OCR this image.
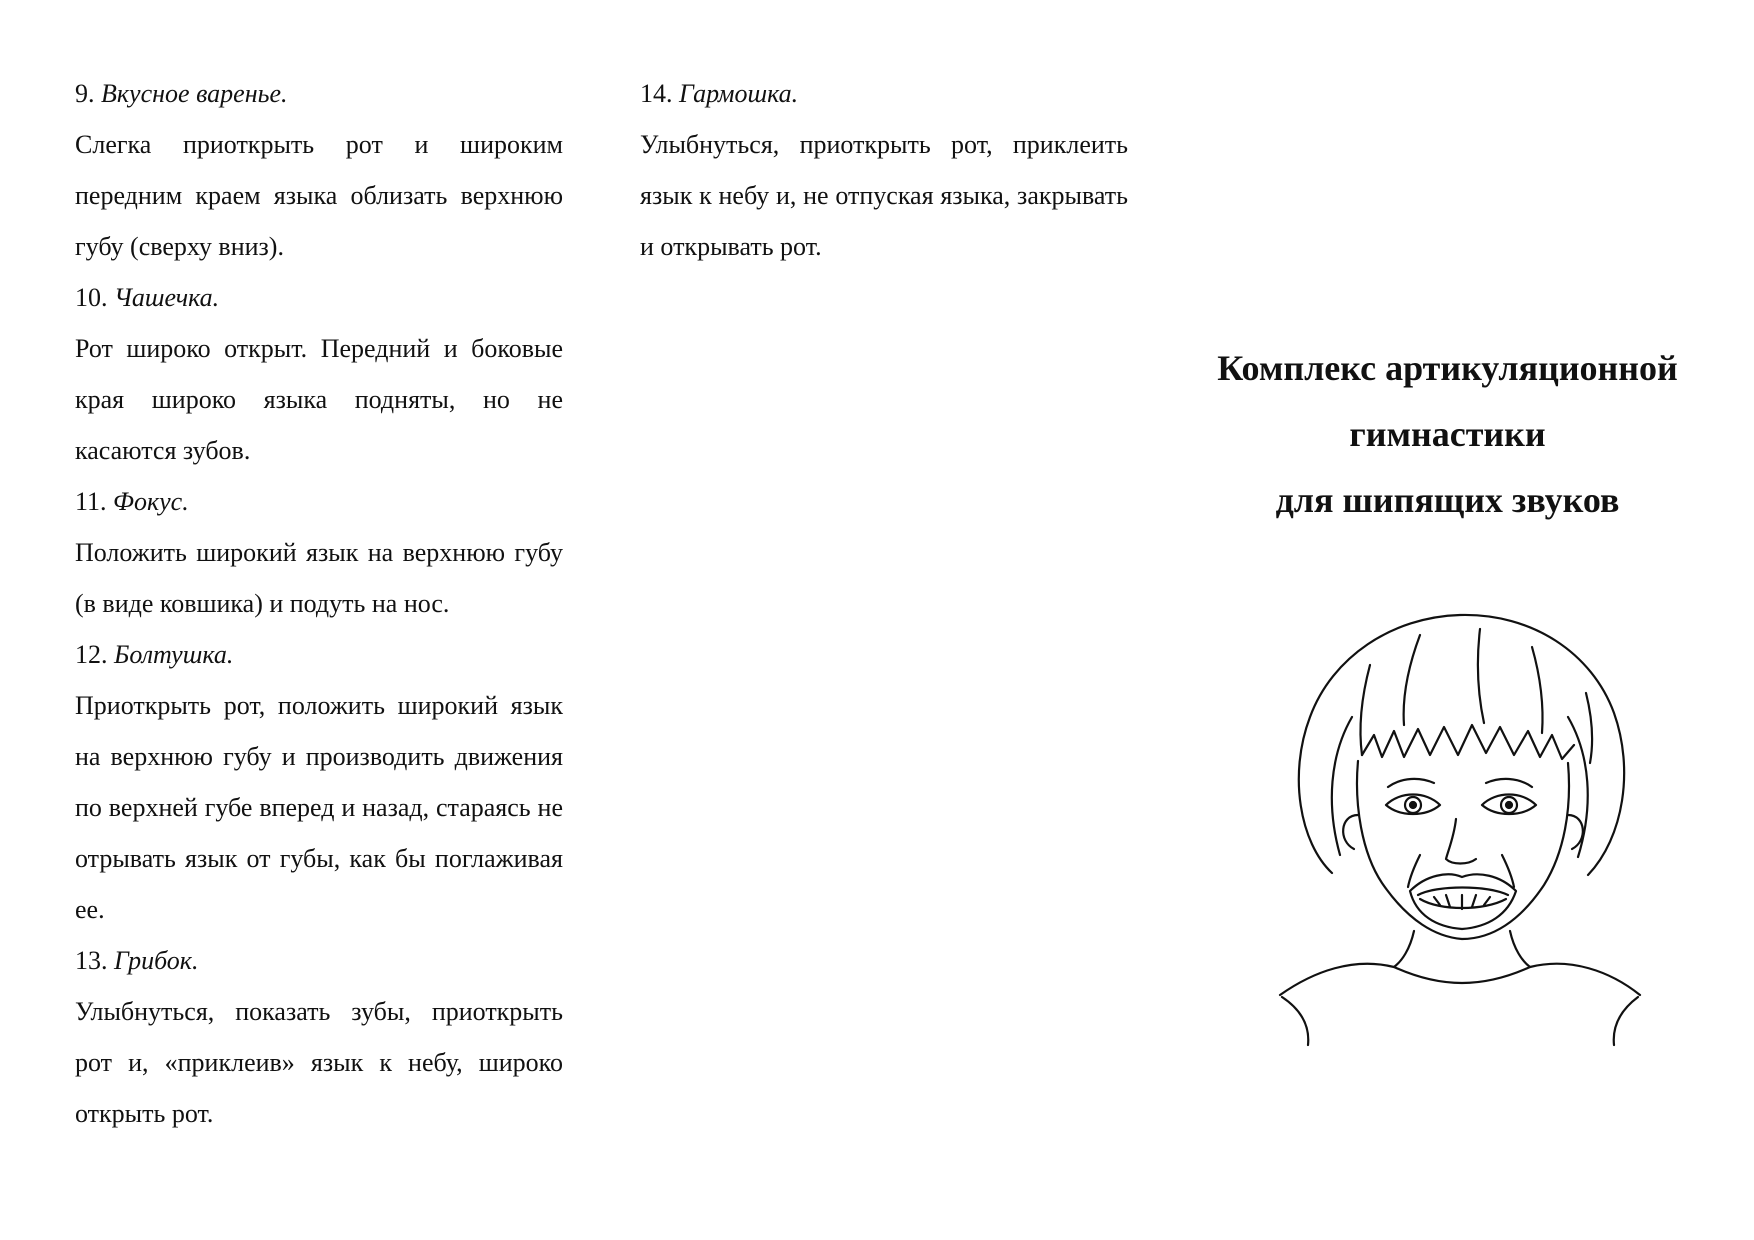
9. Вкусное варенье.

Слегка приоткрыть рот и широким передним краем языка облизать верхнюю губу (сверху вниз).

10. Чашечка.

Рот широко открыт. Передний и боковые края широко языка подняты, но не касаются зубов.

11. Фокус.

Положить широкий язык на верхнюю губу (в виде ковшика) и подуть на нос.

12. Болтушка.

Приоткрыть рот, положить широкий язык на верхнюю губу и производить движения по верхней губе вперед и назад, стараясь не отрывать язык от губы, как бы поглаживая ее.

13. Грибок.

Улыбнуться, показать зубы, приоткрыть рот и, «приклеив» язык к небу, широко открыть рот.

14. Гармошка.

Улыбнуться, приоткрыть рот, приклеить язык к небу и, не отпуская языка, закрывать и открывать рот.

Комплекс артикуляционной
гимнастики
для шипящих звуков
